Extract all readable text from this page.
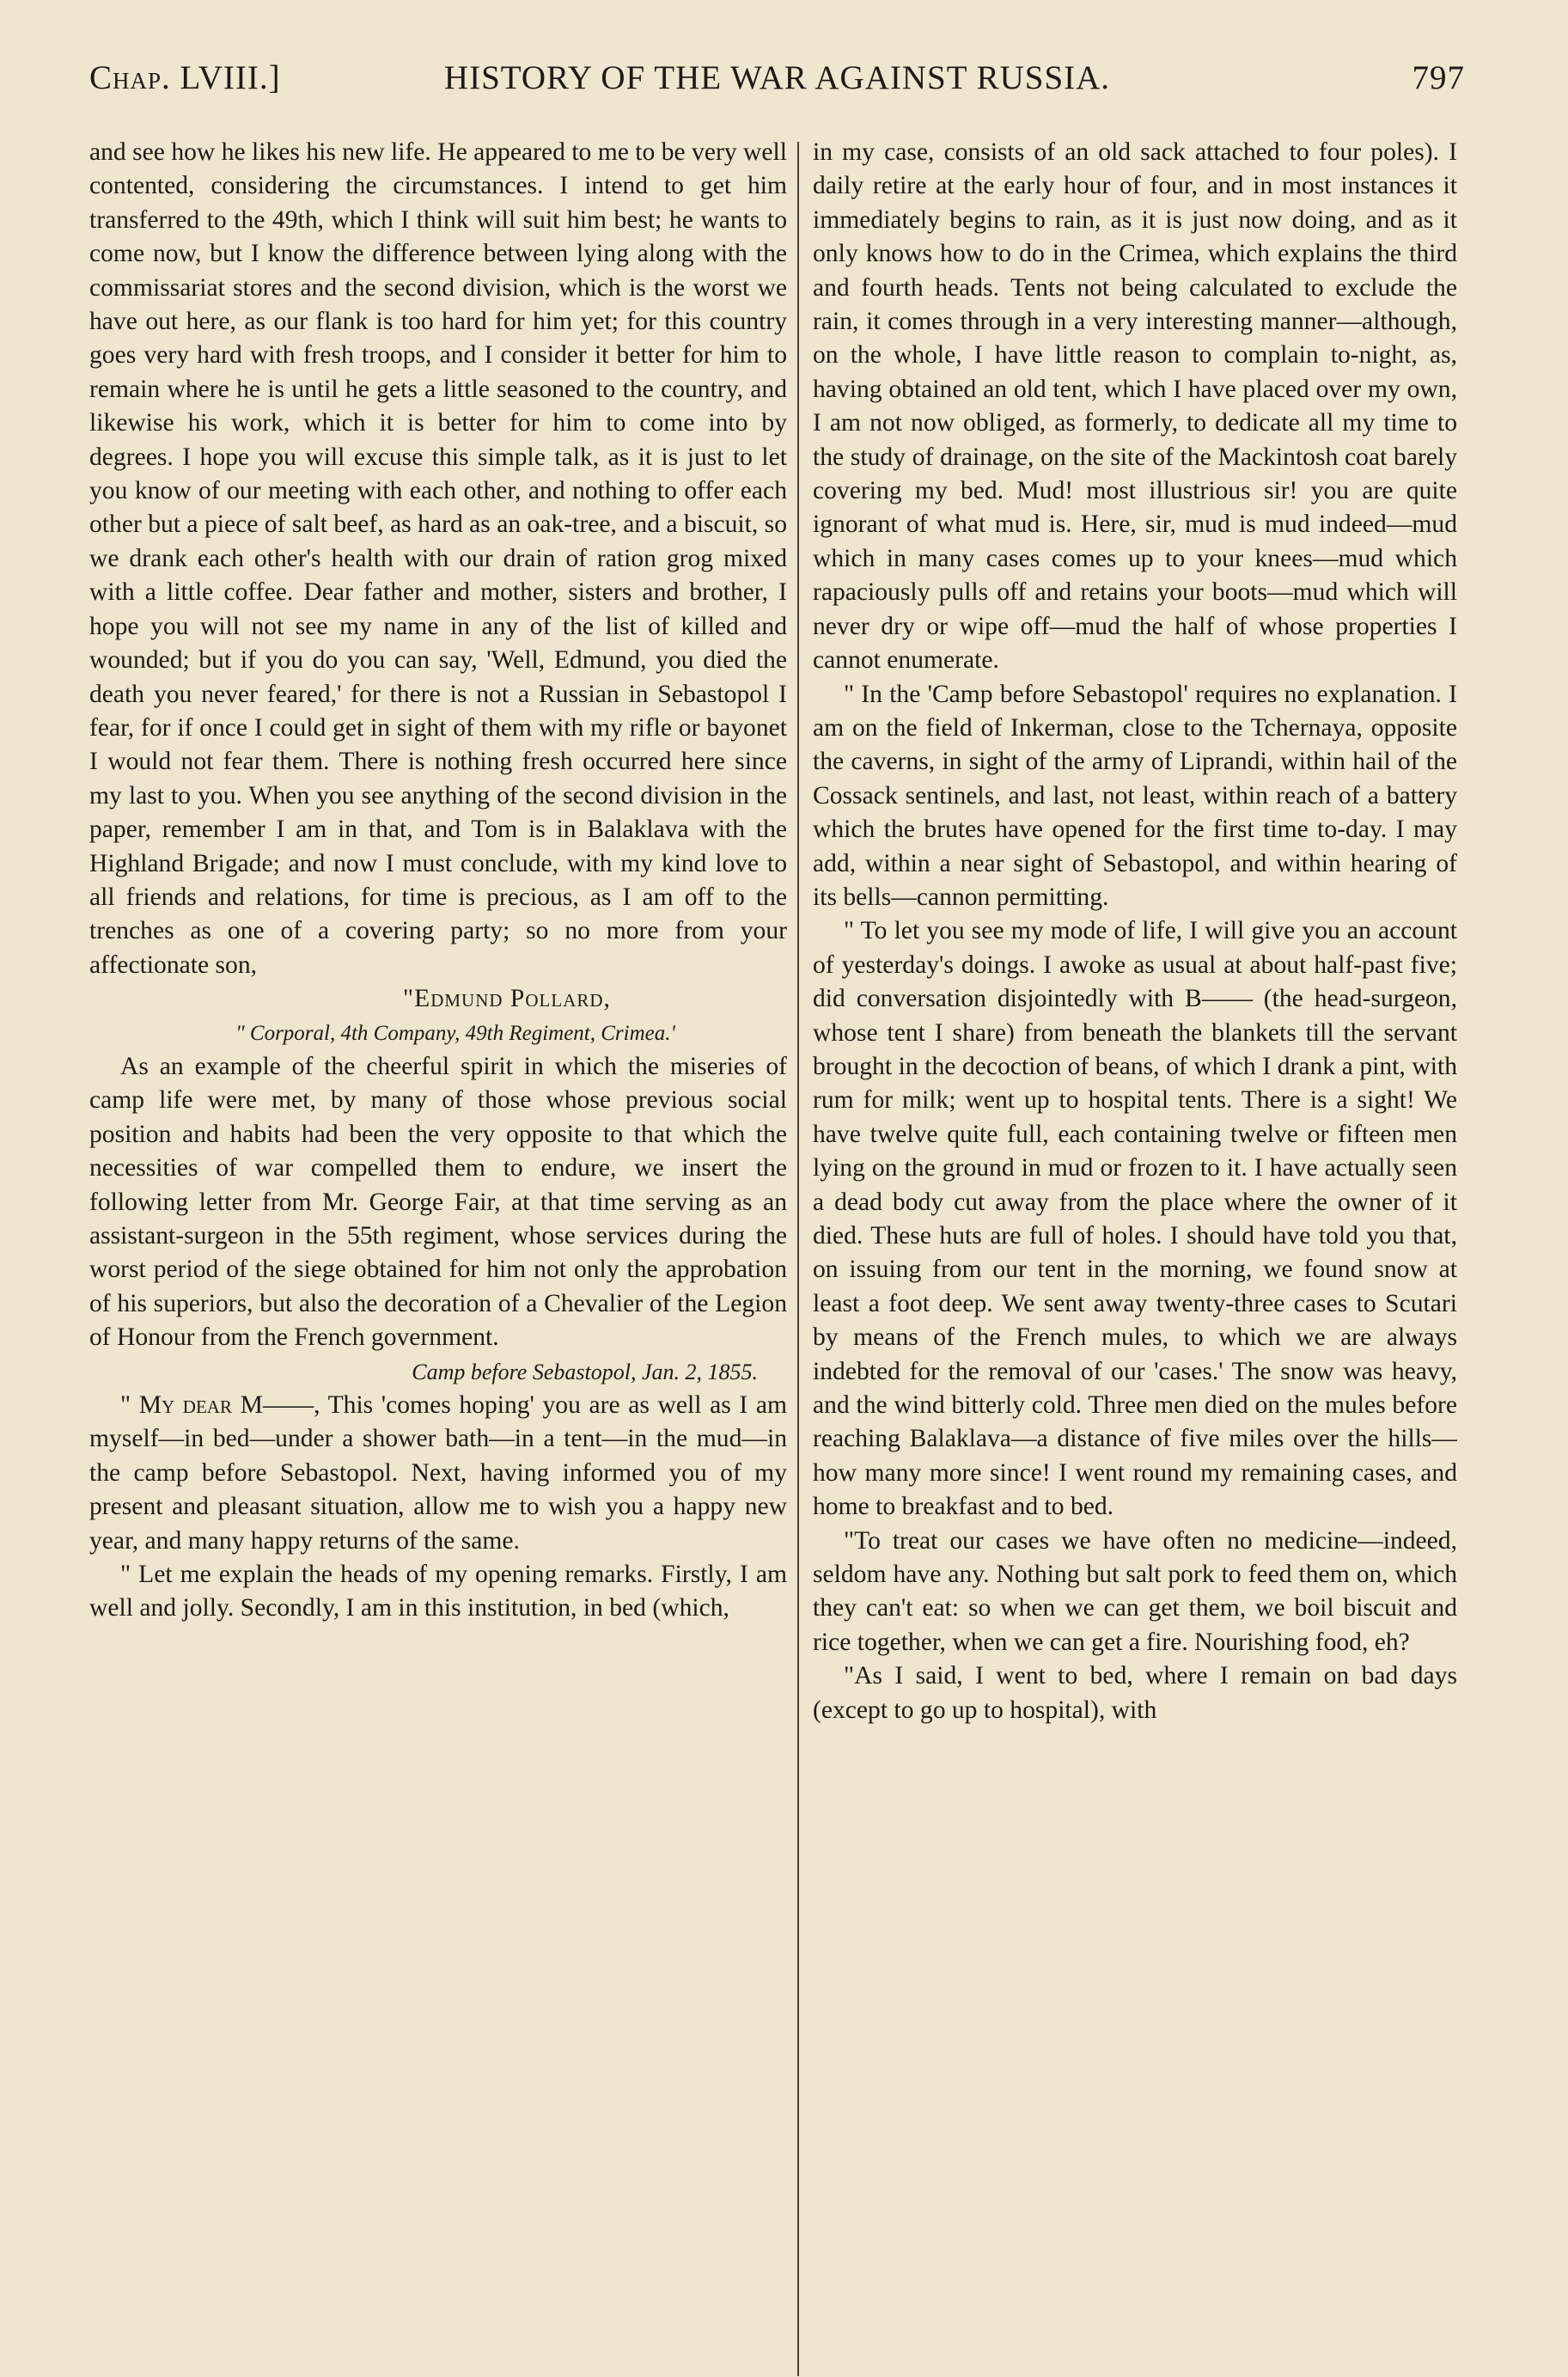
Chap. LVIII.]	HISTORY OF THE WAR AGAINST RUSSIA.	797

and see how he likes his new life. He appeared to me to be very well contented, considering the circumstances. I intend to get him transferred to the 49th, which I think will suit him best; he wants to come now, but I know the difference between lying along with the commissariat stores and the second division, which is the worst we have out here, as our flank is too hard for him yet; for this country goes very hard with fresh troops, and I consider it better for him to remain where he is until he gets a little seasoned to the country, and likewise his work, which it is better for him to come into by degrees. I hope you will excuse this simple talk, as it is just to let you know of our meeting with each other, and nothing to offer each other but a piece of salt beef, as hard as an oak-tree, and a biscuit, so we drank each other's health with our drain of ration grog mixed with a little coffee. Dear father and mother, sisters and brother, I hope you will not see my name in any of the list of killed and wounded; but if you do you can say, 'Well, Edmund, you died the death you never feared,' for there is not a Russian in Sebastopol I fear, for if once I could get in sight of them with my rifle or bayonet I would not fear them. There is nothing fresh occurred here since my last to you. When you see anything of the second division in the paper, remember I am in that, and Tom is in Balaklava with the Highland Brigade; and now I must conclude, with my kind love to all friends and relations, for time is precious, as I am off to the trenches as one of a covering party; so no more from your affectionate son,

"Edmund Pollard,

" Corporal, 4th Company, 49th Regiment, Crimea.'

As an example of the cheerful spirit in which the miseries of camp life were met, by many of those whose previous social position and habits had been the very opposite to that which the necessities of war compelled them to endure, we insert the following letter from Mr. George Fair, at that time serving as an assistant-surgeon in the 55th regiment, whose services during the worst period of the siege obtained for him not only the approbation of his superiors, but also the decoration of a Chevalier of the Legion of Honour from the French government.

Camp before Sebastopol, Jan. 2, 1855.

" My dear M——, This 'comes hoping' you are as well as I am myself—in bed—under a shower bath—in a tent—in the mud—in the camp before Sebastopol. Next, having informed you of my present and pleasant situation, allow me to wish you a happy new year, and many happy returns of the same.

" Let me explain the heads of my opening remarks. Firstly, I am well and jolly. Secondly, I am in this institution, in bed (which,

in my case, consists of an old sack attached to four poles). I daily retire at the early hour of four, and in most instances it immediately begins to rain, as it is just now doing, and as it only knows how to do in the Crimea, which explains the third and fourth heads. Tents not being calculated to exclude the rain, it comes through in a very interesting manner—although, on the whole, I have little reason to complain to-night, as, having obtained an old tent, which I have placed over my own, I am not now obliged, as formerly, to dedicate all my time to the study of drainage, on the site of the Mackintosh coat barely covering my bed. Mud! most illustrious sir! you are quite ignorant of what mud is. Here, sir, mud is mud indeed—mud which in many cases comes up to your knees—mud which rapaciously pulls off and retains your boots—mud which will never dry or wipe off—mud the half of whose properties I cannot enumerate.

" In the 'Camp before Sebastopol' requires no explanation. I am on the field of Inkerman, close to the Tchernaya, opposite the caverns, in sight of the army of Liprandi, within hail of the Cossack sentinels, and last, not least, within reach of a battery which the brutes have opened for the first time to-day. I may add, within a near sight of Sebastopol, and within hearing of its bells—cannon permitting.

" To let you see my mode of life, I will give you an account of yesterday's doings. I awoke as usual at about half-past five; did conversation disjointedly with B—— (the head-surgeon, whose tent I share) from beneath the blankets till the servant brought in the decoction of beans, of which I drank a pint, with rum for milk; went up to hospital tents. There is a sight! We have twelve quite full, each containing twelve or fifteen men lying on the ground in mud or frozen to it. I have actually seen a dead body cut away from the place where the owner of it died. These huts are full of holes. I should have told you that, on issuing from our tent in the morning, we found snow at least a foot deep. We sent away twenty-three cases to Scutari by means of the French mules, to which we are always indebted for the removal of our 'cases.' The snow was heavy, and the wind bitterly cold. Three men died on the mules before reaching Balaklava—a distance of five miles over the hills—how many more since! I went round my remaining cases, and home to breakfast and to bed.

"To treat our cases we have often no medicine—indeed, seldom have any. Nothing but salt pork to feed them on, which they can't eat: so when we can get them, we boil biscuit and rice together, when we can get a fire. Nourishing food, eh?

"As I said, I went to bed, where I remain on bad days (except to go up to hospital), with
